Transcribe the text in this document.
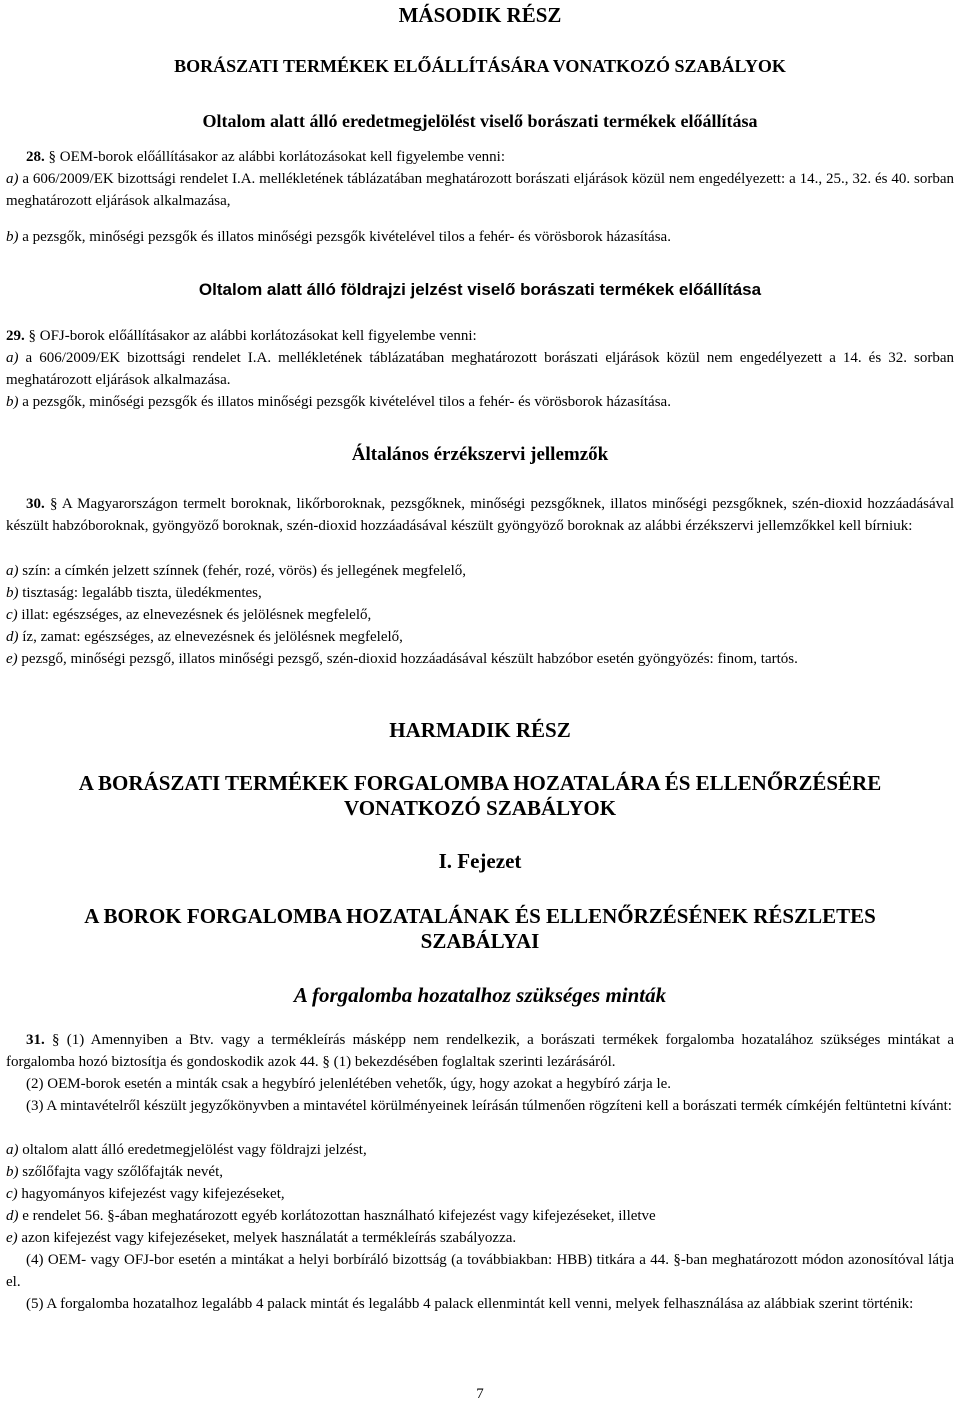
MÁSODIK RÉSZ
BORÁSZATI TERMÉKEK ELŐÁLLÍTÁSÁRA VONATKOZÓ SZABÁLYOK
Oltalom alatt álló eredetmegjelölést viselő borászati termékek előállítása
28. § OEM-borok előállításakor az alábbi korlátozásokat kell figyelembe venni:
a) a 606/2009/EK bizottsági rendelet I.A. mellékletének táblázatában meghatározott borászati eljárások közül nem engedélyezett: a 14., 25., 32. és 40. sorban meghatározott eljárások alkalmazása,
b) a pezsgők, minőségi pezsgők és illatos minőségi pezsgők kivételével tilos a fehér- és vörösborok házasítása.
Oltalom alatt álló földrajzi jelzést viselő borászati termékek előállítása
29. § OFJ-borok előállításakor az alábbi korlátozásokat kell figyelembe venni:
a) a 606/2009/EK bizottsági rendelet I.A. mellékletének táblázatában meghatározott borászati eljárások közül nem engedélyezett a 14. és 32. sorban meghatározott eljárások alkalmazása.
b) a pezsgők, minőségi pezsgők és illatos minőségi pezsgők kivételével tilos a fehér- és vörösborok házasítása.
Általános érzékszervi jellemzők
30. § A Magyarországon termelt boroknak, likőrboroknak, pezsgőknek, minőségi pezsgőknek, illatos minőségi pezsgőknek, szén-dioxid hozzáadásával készült habzóboroknak, gyöngyöző boroknak, szén-dioxid hozzáadásával készült gyöngyöző boroknak az alábbi érzékszervi jellemzőkkel kell bírniuk:
a) szín: a címkén jelzett színnek (fehér, rozé, vörös) és jellegének megfelelő,
b) tisztaság: legalább tiszta, üledékmentes,
c) illat: egészséges, az elnevezésnek és jelölésnek megfelelő,
d) íz, zamat: egészséges, az elnevezésnek és jelölésnek megfelelő,
e) pezsgő, minőségi pezsgő, illatos minőségi pezsgő, szén-dioxid hozzáadásával készült habzóbor esetén gyöngyözés: finom, tartós.
HARMADIK RÉSZ
A BORÁSZATI TERMÉKEK FORGALOMBA HOZATALÁRA ÉS ELLENŐRZÉSÉRE
VONATKOZÓ SZABÁLYOK
I. Fejezet
A BOROK FORGALOMBA HOZATALÁNAK ÉS ELLENŐRZÉSÉNEK RÉSZLETES
SZABÁLYAI
A forgalomba hozatalhoz szükséges minták
31. § (1) Amennyiben a Btv. vagy a termékleírás másképp nem rendelkezik, a borászati termékek forgalomba hozatalához szükséges mintákat a forgalomba hozó biztosítja és gondoskodik azok 44. § (1) bekezdésében foglaltak szerinti lezárásáról.
(2) OEM-borok esetén a minták csak a hegybíró jelenlétében vehetők, úgy, hogy azokat a hegybíró zárja le.
(3) A mintavételről készült jegyzőkönyvben a mintavétel körülményeinek leírásán túlmenően rögzíteni kell a borászati termék címkéjén feltüntetni kívánt:
a) oltalom alatt álló eredetmegjelölést vagy földrajzi jelzést,
b) szőlőfajta vagy szőlőfajták nevét,
c) hagyományos kifejezést vagy kifejezéseket,
d) e rendelet 56. §-ában meghatározott egyéb korlátozottan használható kifejezést vagy kifejezéseket, illetve
e) azon kifejezést vagy kifejezéseket, melyek használatát a termékleírás szabályozza.
(4) OEM- vagy OFJ-bor esetén a mintákat a helyi borbíráló bizottság (a továbbiakban: HBB) titkára a 44. §-ban meghatározott módon azonosítóval látja el.
(5) A forgalomba hozatalhoz legalább 4 palack mintát és legalább 4 palack ellenmintát kell venni, melyek felhasználása az alábbiak szerint történik:
7
